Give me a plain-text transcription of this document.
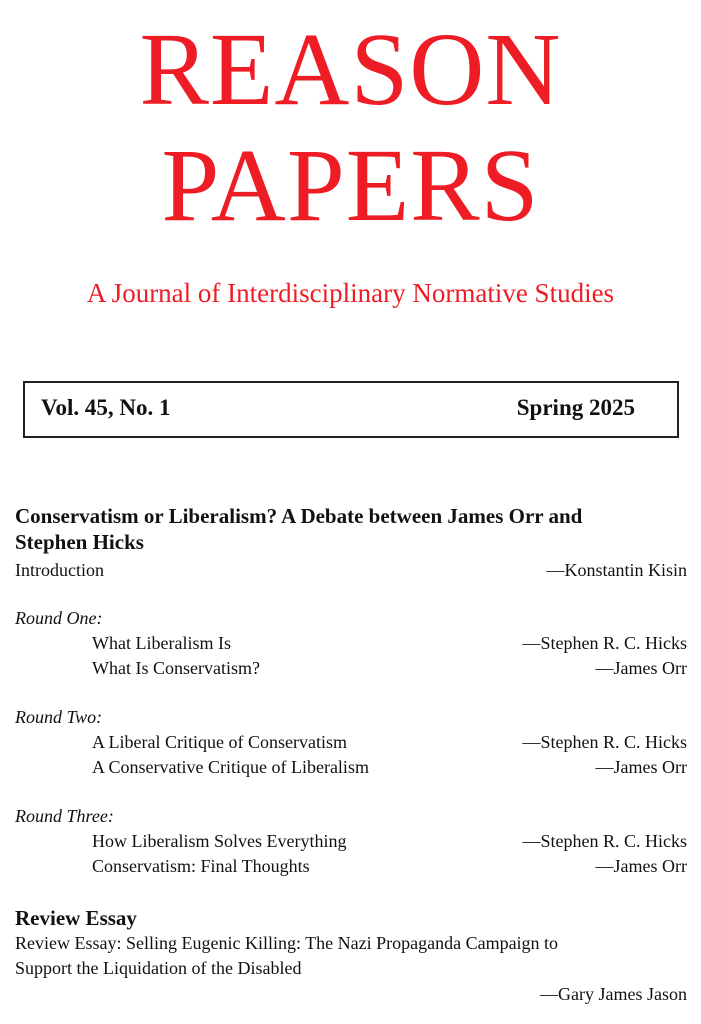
REASON
PAPERS
A Journal of Interdisciplinary Normative Studies
Vol. 45, No. 1	Spring 2025
Conservatism or Liberalism? A Debate between James Orr and
Stephen Hicks
Introduction	—Konstantin Kisin
Round One:
What Liberalism Is	—Stephen R. C. Hicks
What Is Conservatism?	—James Orr
Round Two:
A Liberal Critique of Conservatism	—Stephen R. C. Hicks
A Conservative Critique of Liberalism	—James Orr
Round Three:
How Liberalism Solves Everything	—Stephen R. C. Hicks
Conservatism: Final Thoughts	—James Orr
Review Essay
Review Essay: Selling Eugenic Killing: The Nazi Propaganda Campaign to
Support the Liquidation of the Disabled
—Gary James Jason
